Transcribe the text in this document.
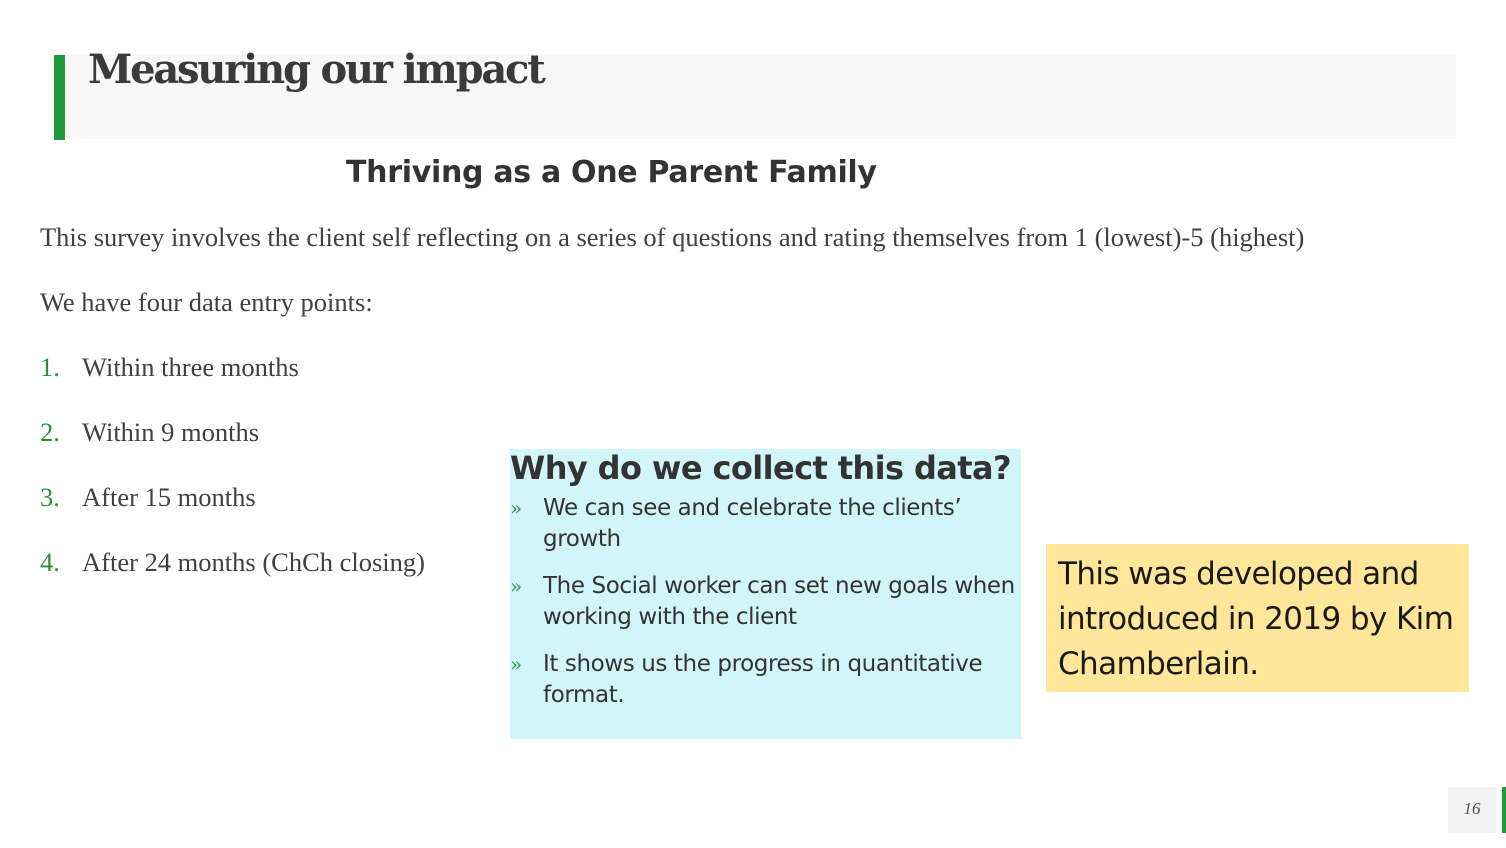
Measuring our impact
Thriving as a One Parent Family

This survey involves the client self reflecting on a series of questions and rating themselves from 1 (lowest)-5 (highest)

We have four data entry points:

1. Within three months
2. Within 9 months
3. After 15 months
4. After 24 months (ChCh closing)
Why do we collect this data?
» We can see and celebrate the clients’ growth
» The Social worker can set new goals when working with the client
» It shows us the progress in quantitative format.

This was developed and introduced in 2019 by Kim Chamberlain.

16
